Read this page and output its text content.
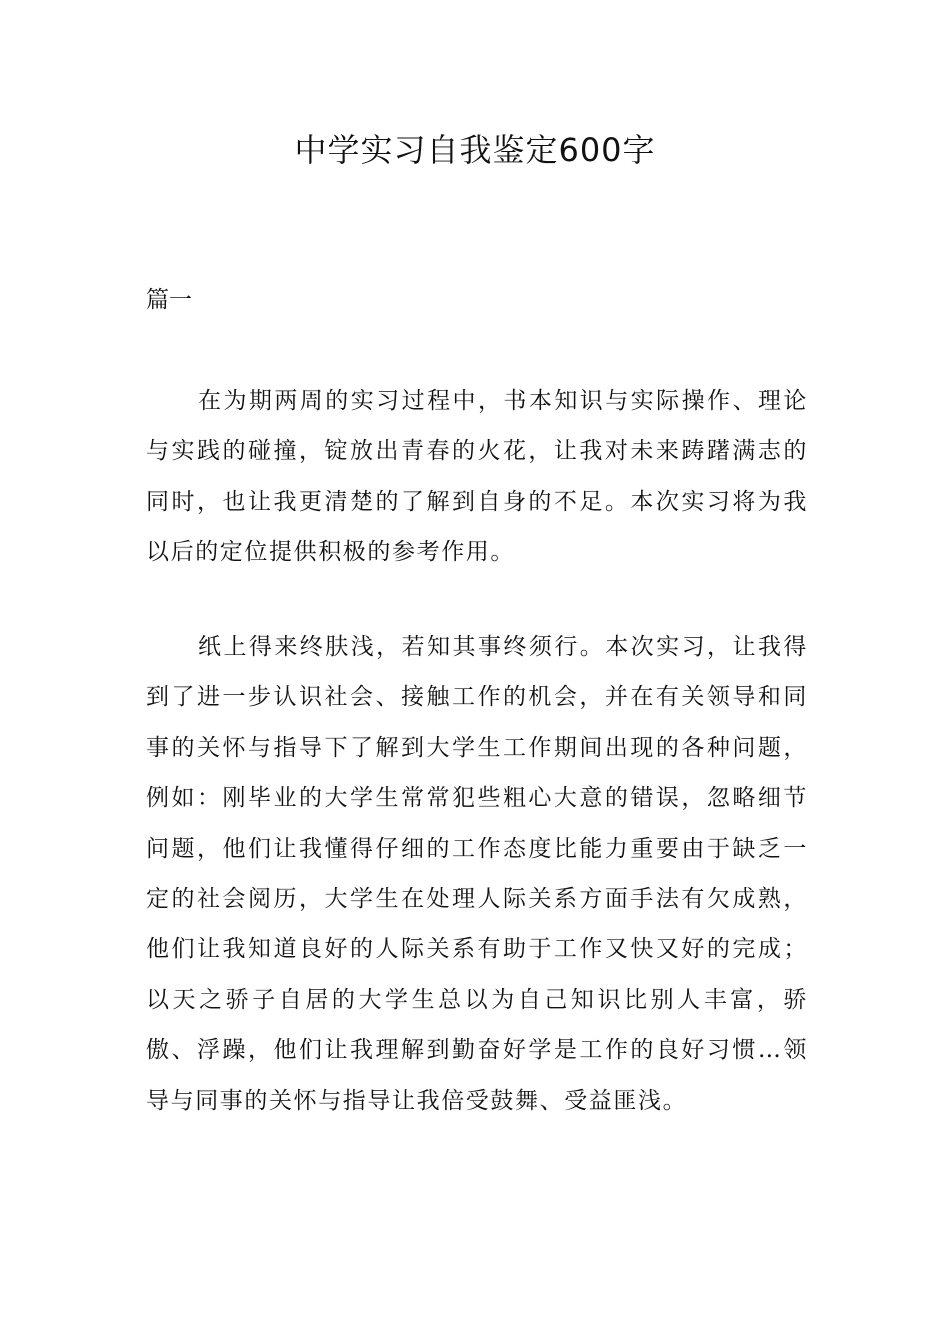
中学实习自我鉴定600字

篇一

在为期两周的实习过程中，书本知识与实际操作、理论与实践的碰撞，锭放出青春的火花，让我对未来踌躇满志的同时，也让我更清楚的了解到自身的不足。本次实习将为我以后的定位提供积极的参考作用。

纸上得来终肤浅，若知其事终须行。本次实习，让我得到了进一步认识社会、接触工作的机会，并在有关领导和同事的关怀与指导下了解到大学生工作期间出现的各种问题，例如：刚毕业的大学生常常犯些粗心大意的错误，忽略细节问题，他们让我懂得仔细的工作态度比能力重要由于缺乏一定的社会阅历，大学生在处理人际关系方面手法有欠成熟，他们让我知道良好的人际关系有助于工作又快又好的完成；以天之骄子自居的大学生总以为自己知识比别人丰富，骄傲、浮躁，他们让我理解到勤奋好学是工作的良好习惯…领导与同事的关怀与指导让我倍受鼓舞、受益匪浅。
